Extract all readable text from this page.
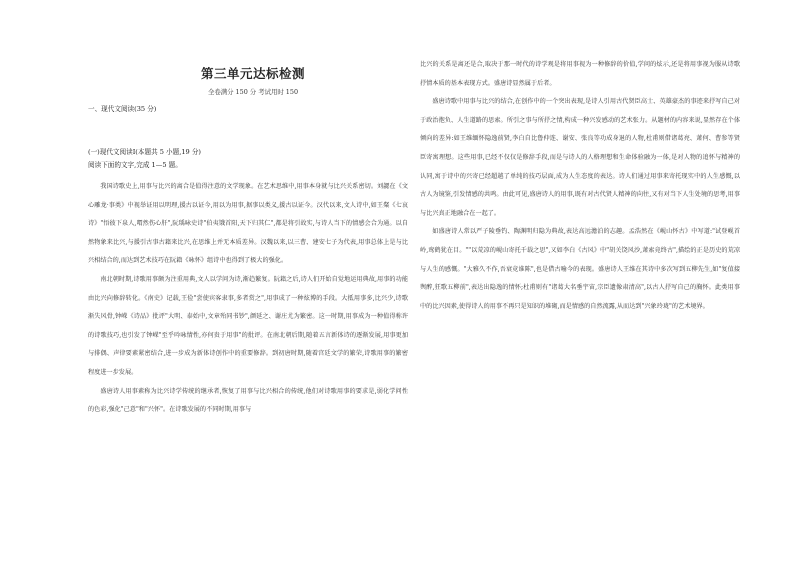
第三单元达标检测
全卷满分 150 分 考试用时 150
一、现代文阅读(35 分)
(一)现代文阅读Ⅰ(本题共 5 小题,19 分)
阅读下面的文字,完成 1—5 题。

我国诗歌史上,用事与比兴的离合是值得注意的文学现象。在艺术思维中,用事本身就与比兴关系密切。刘勰在《文心雕龙·事类》中视举证用以明理,援古以证今,用以为用事,据事以类义,援古以证今。汉代以来,文人诗中,如王粲《七哀诗》"悟彼下泉人,喟然伤心肝",阮瑀咏史诗"伯夷饿首阳,天下归其仁",都是将引故实,与诗人当下的情感会合为通。以自然物象来比兴,与援引古事古籍来比兴,在思维上并无本质差异。汉魏以来,以三曹、建安七子为代表,用事总体上是与比兴相结合的,而达到艺术技巧在阮籍《咏怀》组诗中也得到了极大的强化。

南北朝时期,诗歌用事颇为注重用典,文人以学问为诗,渐趋繁复。阮籍之后,诗人们开始自觉地运用典故,用事的功能由比兴向修辞转化。《南史》记载,王俭"尝使宾客隶事,多者赏之",用事成了一种炫博的手段。大抵用事多,比兴少,诗歌渐失风骨,钟嵘《诗品》批评"大明、泰始中,文章殆同书钞",颜延之、谢庄尤为繁密。这一时期,用事成为一种值得称许的诗歌技巧,也引发了钟嵘"至乎吟咏情性,亦何贵于用事"的批评。在南北朝后期,随着五言新体诗的逐渐发展,用事更加与排偶、声律要素紧密结合,进一步成为新体诗创作中的重要修辞。到初唐时期,随着宫廷文学的繁荣,诗歌用事的繁密程度进一步发展。

盛唐诗人用事素称为比兴诗学传统的继承者,恢复了用事与比兴相合的传统,他们对诗歌用事的要求是,弱化学问性的色彩,强化"己意"和"兴怀"。在诗歌发展的不同时期,用事与

比兴的关系是离还是合,取决于那一时代的诗学观是将用事视为一种修辞的价值,学问的炫示,还是将用事视为服从诗歌抒情本质的基本表现方式。盛唐诗显然属于后者。

盛唐诗歌中用事与比兴的结合,在创作中的一个突出表现,是诗人引用古代贤臣高士、英雄豪杰的事迹来抒写自己对于政治抱负、人生道路的思索。所引之事与所抒之情,构成一种兴发感动的艺术张力。从题材的内容来说,显然存在个体倾向的差异:如王维缅怀隐逸前贤,李白自比鲁仲连、谢安、张良等功成身退的人物,杜甫则借诸葛亮、萧何、曹参等贤臣寄寓理想。这些用事,已经不仅仅是修辞手段,而是与诗人的人格理想和生命体验融为一体,是对人物的追怀与精神的认同,寓于诗中的兴寄已经超越了单纯的技巧层面,成为人生态度的表达。诗人们通过用事来寄托现实中的人生感慨,以古人为镜鉴,引发情感的共鸣。由此可见,盛唐诗人的用事,既有对古代贤人精神的向往,又有对当下人生处境的思考,用事与比兴真正地融合在一起了。

如盛唐诗人常以严子陵垂钓、陶渊明归隐为典故,表达高远澹泊的志趣。孟浩然在《岘山怀古》中写道:"试登岘首岭,鸾鹤犹在目。""以荒凉的岘山寄托千载之思",又如李白《古风》中"胡关饶风沙,萧索竟终古",描绘的正是历史的荒凉与人生的感慨。"大雅久不作,吾衰竟谁陈",也是借古喻今的表现。盛唐诗人王维在其诗中多次写到五柳先生,如"复值接舆醉,狂歌五柳前",表达出隐逸的情怀;杜甫则有"诸葛大名垂宇宙,宗臣遗像肃清高",以古人抒写自己的胸怀。此类用事中的比兴因素,使得诗人的用事不再只是知识的堆砌,而是情感的自然流露,从而达到"兴象玲珑"的艺术境界。
